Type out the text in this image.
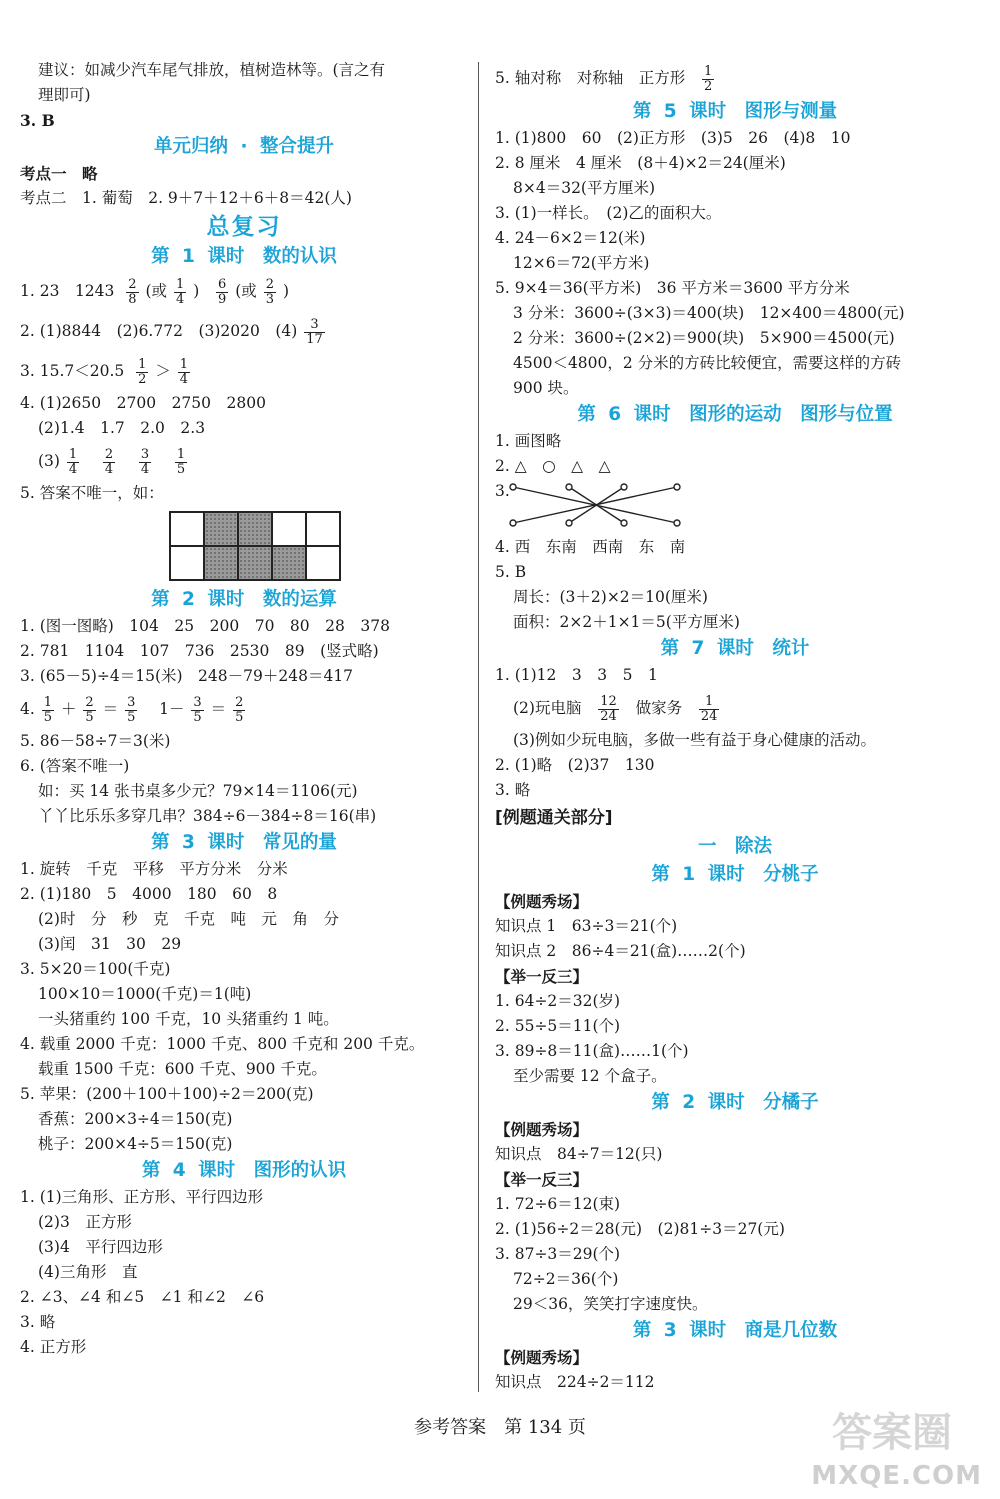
建议：如减少汽车尾气排放，植树造林等。(言之有
理即可)
3. B
单元归纳 · 整合提升
考点一　略
考点二　1. 葡萄　2. 9＋7＋12＋6＋8＝42(人)
总复习
第 1 课时　数的认识
1. 23　$1243 \frac{2}{8}$ (或 $\frac{1}{4}$ ) $\frac{6}{9}$ (或 $\frac{2}{3}$ )
2. (1)8844　(2)6.772　(3)2020　$(4) \frac{3}{17}$
3. $15.7<20.5 \frac{1}{2} > \frac{1}{4}$
4. (1)2650　2700　2750　2800
(2)1.4　1.7　2.0　2.3
$(3) \frac{1}{4}$
$\frac{2}{4}$
$\frac{3}{4}$
$\frac{1}{5}$
5. 答案不唯一，如：

第 2 课时　数的运算
1. (图一图略)　104　25　200　70　80　28　378
2. 781　1104　107　736　2530　89　(竖式略)
3. (65－5)÷4＝15(米)　248－79＋248＝417
4. $\frac{1}{5} + \frac{2}{5} = \frac{3}{5} 1- \frac{3}{5} = \frac{2}{5}$
5. 86－58÷7＝3(米)
6. (答案不唯一)
如：买 14 张书桌多少元？79×14＝1106(元)
丫丫比乐乐多穿几串？384÷6－384÷8＝16(串)
第 3 课时　常见的量
1. 旋转　千克　平移　平方分米　分米
2. (1)180　5　4000　180　60　8
(2)时　分　秒　克　千克　吨　元　角　分
(3)闰　31　30　29
3. 5×20＝100(千克)
100×10＝1000(千克)＝1(吨)
一头猪重约 100 千克，10 头猪重约 1 吨。
4. 载重 2000 千克：1000 千克、800 千克和 200 千克。
载重 1500 千克：600 千克、900 千克。
5. 苹果：(200＋100＋100)÷2＝200(克)
香蕉：200×3÷4＝150(克)
桃子：200×4÷5＝150(克)
第 4 课时　图形的认识
1. (1)三角形、正方形、平行四边形
(2)3　正方形
(3)4　平行四边形
(4)三角形　直
2. ∠3、∠4 和∠5　∠1 和∠2　∠6
3. 略
4. 正方形
5. 轴对称　对称轴　正方形 $\frac{1}{2}$
第 5 课时　图形与测量
1. (1)800　60　(2)正方形　(3)5　26　(4)8　10
2. 8 厘米　4 厘米　(8＋4)×2＝24(厘米)
8×4＝32(平方厘米)
3. (1)一样长。　(2)乙的面积大。
4. 24－6×2＝12(米)
12×6＝72(平方米)
5. 9×4＝36(平方米)　36 平方米＝3600 平方分米
3 分米：3600÷(3×3)＝400(块)　12×400＝4800(元)
2 分米：3600÷(2×2)＝900(块)　5×900＝4500(元)
4500＜4800，2 分米的方砖比较便宜，需要这样的方砖
900 块。
第 6 课时　图形的运动　图形与位置
1. 画图略
2. △　○　△　△
3.
4. 西　东南　西南　东　南
5. B
周长：(3＋2)×2＝10(厘米)
面积：2×2＋1×1＝5(平方厘米)
第 7 课时　统计
1. (1)12　3　3　5　1
(2)玩电脑 $\frac{12}{24}$ 做家务 $\frac{1}{24}$
(3)例如少玩电脑，多做一些有益于身心健康的活动。
2. (1)略　(2)37　130
3. 略
[例题通关部分]
一　除法
第 1 课时　分桃子
【例题秀场】
知识点 1　63÷3＝21(个)
知识点 2　86÷4＝21(盒)……2(个)
【举一反三】
1. 64÷2＝32(岁)
2. 55÷5＝11(个)
3. 89÷8＝11(盒)……1(个)
至少需要 12 个盒子。
第 2 课时　分橘子
【例题秀场】
知识点　84÷7＝12(只)
【举一反三】
1. 72÷6＝12(束)
2. (1)56÷2＝28(元)　(2)81÷3＝27(元)
3. 87÷3＝29(个)
72÷2＝36(个)
29＜36，笑笑打字速度快。
第 3 课时　商是几位数
【例题秀场】
知识点　224÷2＝112
参考答案　第 134 页	答案圈
MXQE.COM
